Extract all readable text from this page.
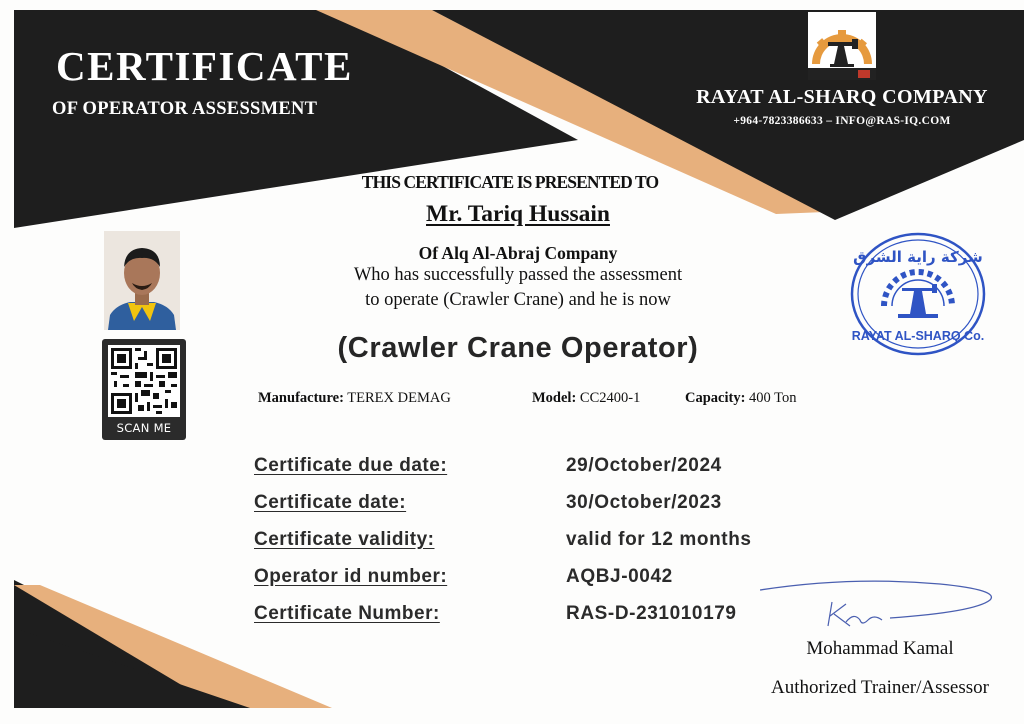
CERTIFICATE
OF OPERATOR ASSESSMENT
RAYAT AL-SHARQ COMPANY
+964-7823386633 – INFO@RAS-IQ.COM
THIS CERTIFICATE IS PRESENTED TO
Mr. Tariq Hussain
Of Alq Al-Abraj Company
Who has successfully passed the assessment
to operate (Crawler Crane) and he is now
(Crawler Crane Operator)
Manufacture: TEREX DEMAG	Model: CC2400-1	Capacity: 400 Ton
Certificate due date:	29/October/2024
Certificate date:	30/October/2023
Certificate validity:	valid for 12 months
Operator id number:	AQBJ-0042
Certificate Number:	RAS-D-231010179
SCAN ME
شركة راية الشرق
RAYAT AL-SHARQ Co.
Mohammad Kamal
Authorized Trainer/Assessor
